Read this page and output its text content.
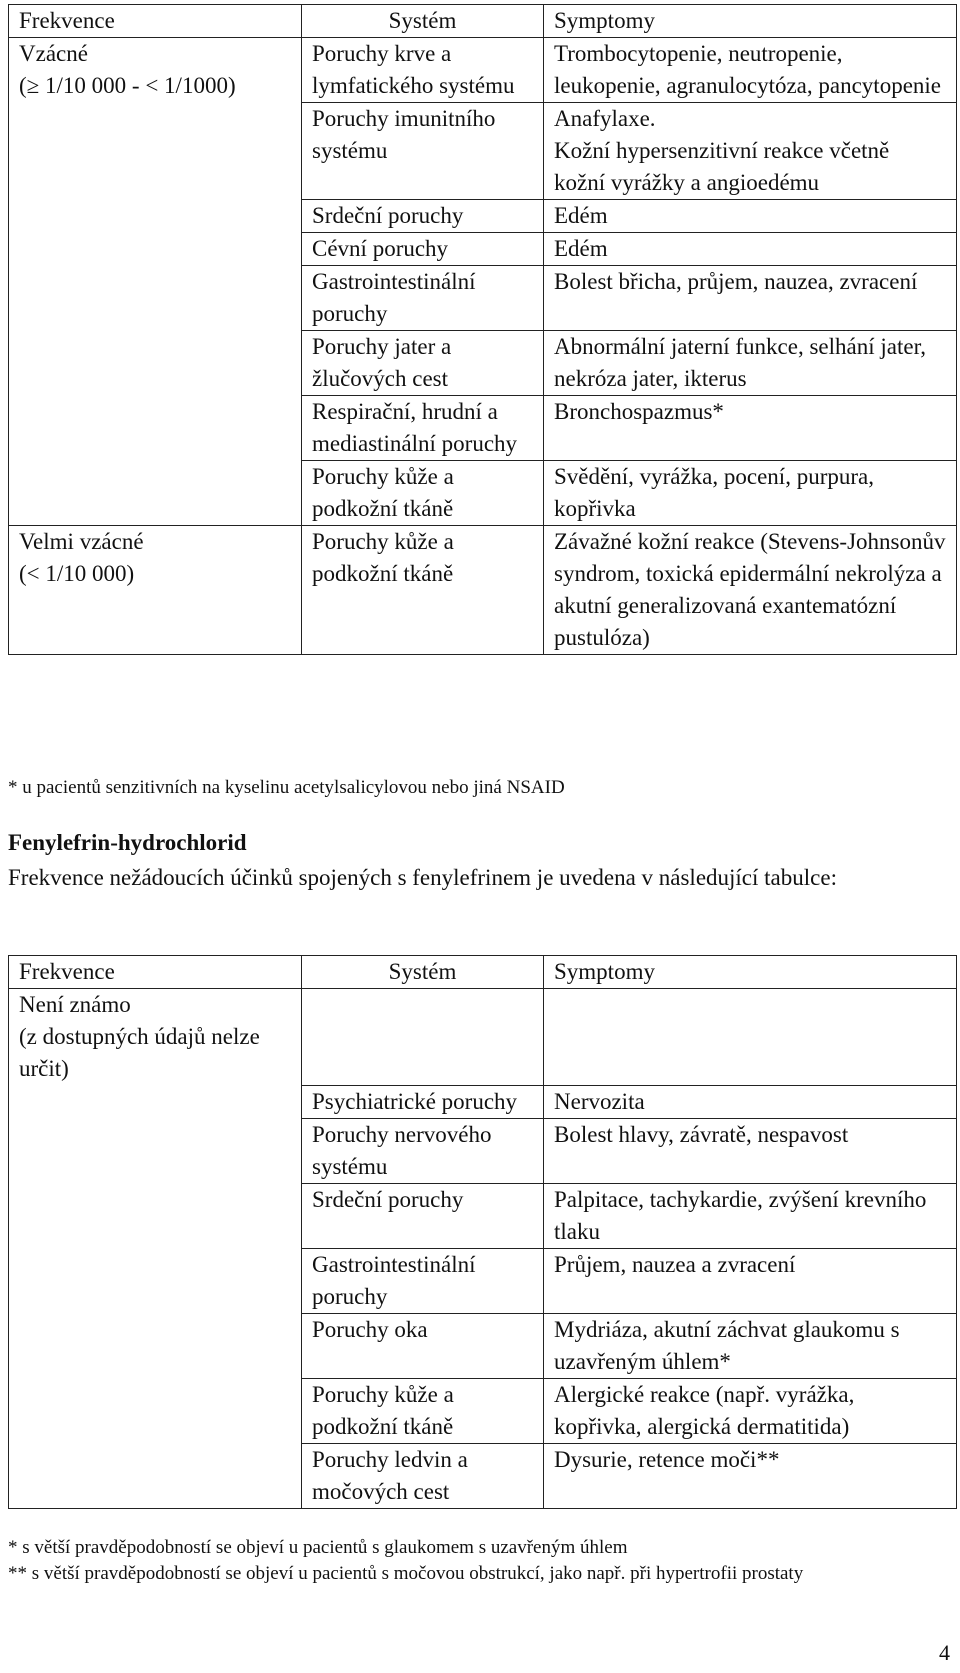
Frekvence	Systém	Symptomy
Vzácné
(≥ 1/10 000 - < 1/1000)	Poruchy krve a lymfatického systému	Trombocytopenie, neutropenie, leukopenie, agranulocytóza, pancytopenie
	Poruchy imunitního systému	Anafylaxe.
Kožní hypersenzitivní reakce včetně kožní vyrážky a angioedému
	Srdeční poruchy	Edém
	Cévní poruchy	Edém
	Gastrointestinální poruchy	Bolest břicha, průjem, nauzea, zvracení
	Poruchy jater a žlučových cest	Abnormální jaterní funkce, selhání jater, nekróza jater, ikterus
	Respirační, hrudní a mediastinální poruchy	Bronchospazmus*
	Poruchy kůže a podkožní tkáně	Svědění, vyrážka, pocení, purpura, kopřivka
Velmi vzácné
(< 1/10 000)	Poruchy kůže a podkožní tkáně	Závažné kožní reakce (Stevens-Johnsonův syndrom, toxická epidermální nekrolýza a akutní generalizovaná exantematózní pustulóza)
* u pacientů senzitivních na kyselinu acetylsalicylovou nebo jiná NSAID
Fenylefrin-hydrochlorid
Frekvence nežádoucích účinků spojených s fenylefrinem je uvedena v následující tabulce:
Frekvence	Systém	Symptomy
Není známo
(z dostupných údajů nelze určit)		
	Psychiatrické poruchy	Nervozita
	Poruchy nervového systému	Bolest hlavy, závratě, nespavost
	Srdeční poruchy	Palpitace, tachykardie, zvýšení krevního tlaku
	Gastrointestinální poruchy	Průjem, nauzea a zvracení
	Poruchy oka	Mydriáza, akutní záchvat glaukomu s uzavřeným úhlem*
	Poruchy kůže a podkožní tkáně	Alergické reakce (např. vyrážka, kopřivka, alergická dermatitida)
	Poruchy ledvin a močových cest	Dysurie, retence moči**
* s větší pravděpodobností se objeví u pacientů s glaukomem s uzavřeným úhlem
** s větší pravděpodobností se objeví u pacientů s močovou obstrukcí, jako např. při hypertrofii prostaty
4
